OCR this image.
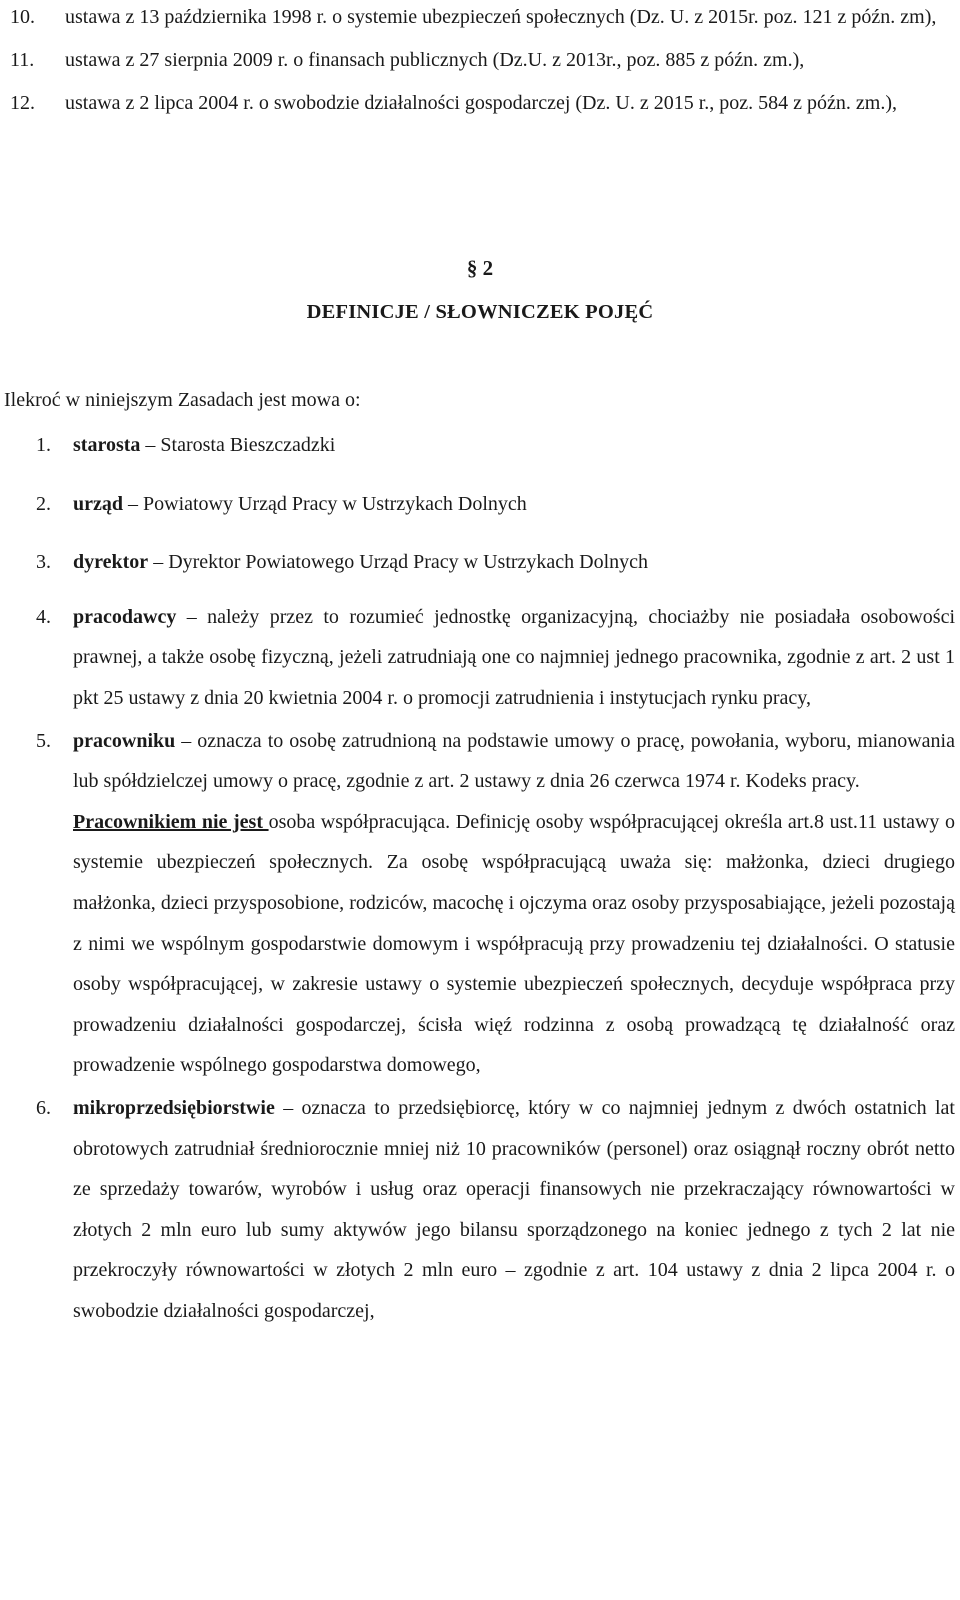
10. ustawa z 13 października 1998 r. o systemie ubezpieczeń społecznych (Dz. U. z 2015r. poz. 121 z późn. zm),
11. ustawa z 27 sierpnia 2009 r. o finansach publicznych (Dz.U. z 2013r., poz. 885 z późn. zm.),
12. ustawa z 2 lipca 2004 r. o swobodzie działalności gospodarczej (Dz. U. z 2015 r., poz. 584 z późn. zm.),
§ 2
DEFINICJE / SŁOWNICZEK POJĘĆ
Ilekroć w niniejszym Zasadach jest mowa o:
1. starosta – Starosta Bieszczadzki
2. urząd – Powiatowy Urząd Pracy w Ustrzykach Dolnych
3. dyrektor – Dyrektor Powiatowego Urząd Pracy w Ustrzykach Dolnych
4. pracodawcy – należy przez to rozumieć jednostkę organizacyjną, chociażby nie posiadała osobowości prawnej, a także osobę fizyczną, jeżeli zatrudniają one co najmniej jednego pracownika, zgodnie z art. 2 ust 1 pkt 25 ustawy z dnia 20 kwietnia 2004 r. o promocji zatrudnienia i instytucjach rynku pracy,
5. pracowniku – oznacza to osobę zatrudnioną na podstawie umowy o pracę, powołania, wyboru, mianowania lub spółdzielczej umowy o pracę, zgodnie z art. 2 ustawy z dnia 26 czerwca 1974 r. Kodeks pracy.
Pracownikiem nie jest osoba współpracująca. Definicję osoby współpracującej określa art.8 ust.11 ustawy o systemie ubezpieczeń społecznych. Za osobę współpracującą uważa się: małżonka, dzieci drugiego małżonka, dzieci przysposobione, rodziców, macochę i ojczyma oraz osoby przysposabiające, jeżeli pozostają z nimi we wspólnym gospodarstwie domowym i współpracują przy prowadzeniu tej działalności. O statusie osoby współpracującej, w zakresie ustawy o systemie ubezpieczeń społecznych, decyduje współpraca przy prowadzeniu działalności gospodarczej, ścisła więź rodzinna z osobą prowadzącą tę działalność oraz prowadzenie wspólnego gospodarstwa domowego,
6. mikroprzedsiębiorstwie – oznacza to przedsiębiorcę, który w co najmniej jednym z dwóch ostatnich lat obrotowych zatrudniał średniorocznie mniej niż 10 pracowników (personel) oraz osiągnął roczny obrót netto ze sprzedaży towarów, wyrobów i usług oraz operacji finansowych nie przekraczający równowartości w złotych 2 mln euro lub sumy aktywów jego bilansu sporządzonego na koniec jednego z tych 2 lat nie przekroczyły równowartości w złotych 2 mln euro – zgodnie z art. 104 ustawy z dnia 2 lipca 2004 r. o swobodzie działalności gospodarczej,
